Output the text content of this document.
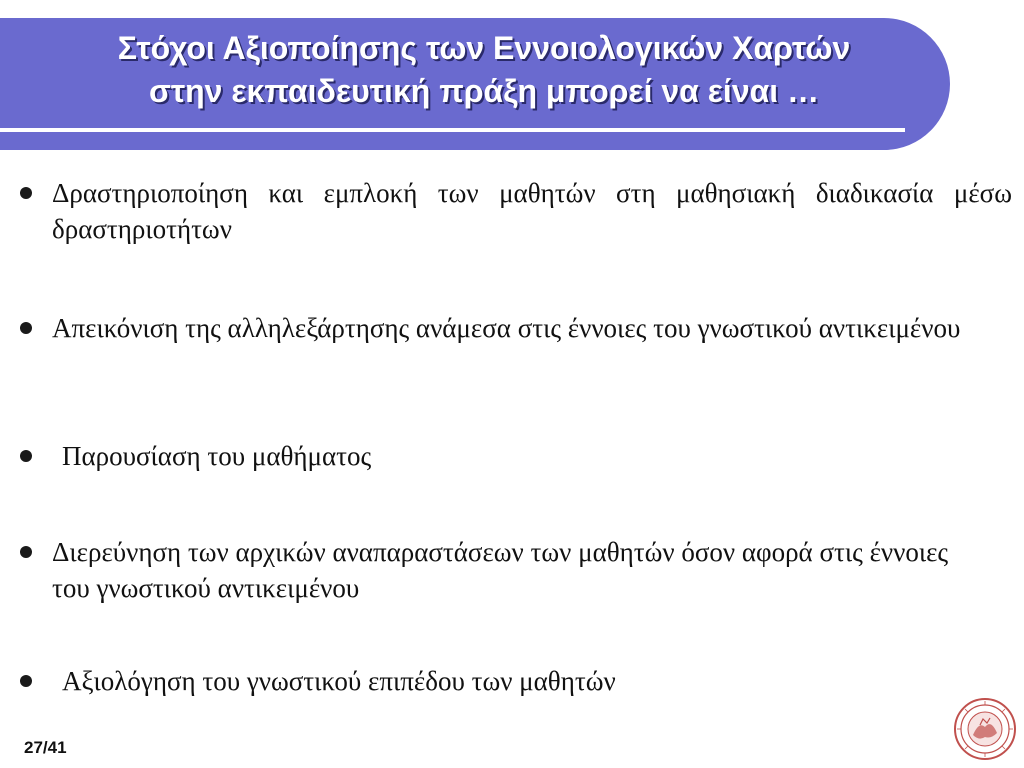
Στόχοι Αξιοποίησης των Εννοιολογικών Χαρτών
στην εκπαιδευτική πράξη μπορεί να είναι …
Δραστηριοποίηση και εμπλοκή των μαθητών στη μαθησιακή διαδικασία μέσω δραστηριοτήτων
Απεικόνιση της αλληλεξάρτησης ανάμεσα στις έννοιες του γνωστικού αντικειμένου
Παρουσίαση του μαθήματος
Διερεύνηση των αρχικών αναπαραστάσεων των μαθητών όσον αφορά στις έννοιες του γνωστικού αντικειμένου
Αξιολόγηση του γνωστικού επιπέδου των μαθητών
27/41
